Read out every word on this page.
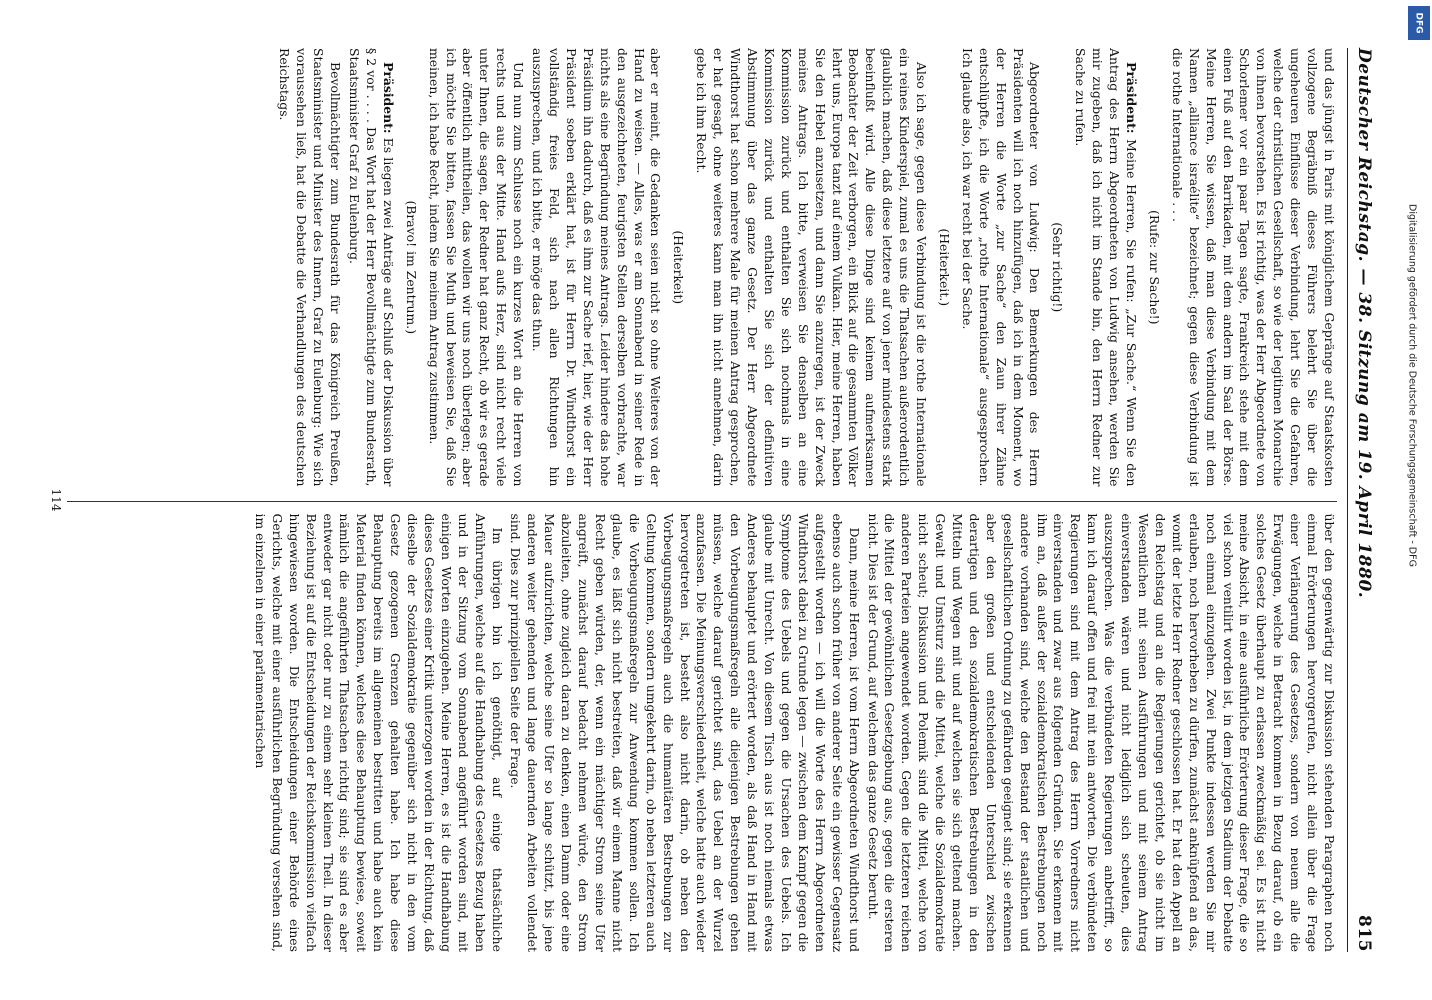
Deutscher Reichstag. — 38. Sitzung am 19. April 1880.
815

und das jüngst in Paris mit königlichem Gepränge auf Staatskosten vollzogene Begräbniß dieses Führers belehrt Sie über die ungeheuren Einflüsse dieser Verbindung, lehrt Sie die Gefahren, welche der christlichen Gesellschaft, so wie der legitimen Monarchie von ihnen bevorstehen. Es ist richtig, was der Herr Abgeordnete von Schorlemer vor ein paar Tagen sagte, Frankreich stehe mit dem einen Fuß auf den Barrikaden, mit dem andern im Saal der Börse. Meine Herren, Sie wissen, daß man diese Verbindung mit dem Namen „alliance israélite“ bezeichnet; gegen diese Verbindung ist die rothe Internationale . . .

(Rufe: zur Sache!)

Präsident: Meine Herren, Sie rufen: „Zur Sache.“ Wenn Sie den Antrag des Herrn Abgeordneten von Ludwig ansehen, werden Sie mir zugeben, daß ich nicht im Stande bin, den Herrn Redner zur Sache zu rufen.

(Sehr richtig!)

Abgeordneter von Ludwig: Den Bemerkungen des Herrn Präsidenten will ich noch hinzufügen, daß ich in dem Moment, wo der Herren die Worte „zur Sache“ den Zaun ihrer Zähne entschlüpfte, ich die Worte „rothe Internationale“ ausgesprochen. Ich glaube also, ich war recht bei der Sache.

(Heiterkeit.)

Also ich sage, gegen diese Verbindung ist die rothe Internationale ein reines Kinderspiel, zumal es uns die Thatsachen außerordentlich glaublich machen, daß diese letztere auf von jener mindestens stark beeinflußt wird. Alle diese Dinge sind keinem aufmerksamen Beobachter der Zeit verborgen, ein Blick auf die gesammten Völker lehrt uns, Europa tanzt auf einem Vulkan. Hier, meine Herren, haben Sie den Hebel anzusetzen, und dann Sie anzuregen, ist der Zweck meines Antrags. Ich bitte, verweisen Sie denselben an eine Kommission zurück und enthalten Sie sich nochmals in eine Kommission zurück und enthalten Sie sich der definitiven Abstimmung über das ganze Gesetz. Der Herr Abgeordnete Windthorst hat schon mehrere Male für meinen Antrag gesprochen, er hat gesagt, ohne weiteres kann man ihn nicht annehmen, darin gebe ich ihm Recht.

(Heiterkeit)

aber er meint, die Gedanken seien nicht so ohne Weiteres von der Hand zu weisen. — Alles, was er am Sonnabend in seiner Rede in den ausgezeichneten, feurigsten Stellen derselben vorbrachte, war nichts als eine Begründung meines Antrags. Leider hindere das hohe Präsidium ihn dadurch, daß es ihm zur Sache rief, hier, wie der Herr Präsident soeben erklärt hat, ist für Herrn Dr. Windthorst ein vollständig freies Feld, sich nach allen Richtungen hin auszusprechen, und ich bitte, er möge das thun.

Und nun zum Schlusse noch ein kurzes Wort an die Herren von rechts und aus der Mitte. Hand aufs Herz, sind nicht recht viele unter Ihnen, die sagen, der Redner hat ganz Recht, ob wir es gerade aber öffentlich mittheilen, das wollen wir uns noch überlegen; aber ich möchte Sie bitten, fassen Sie Muth und beweisen Sie, daß Sie meinen, ich habe Recht, indem Sie meinem Antrag zustimmen.

(Bravo! im Zentrum.)

Präsident: Es liegen zwei Anträge auf Schluß der Diskussion über § 2 vor . . . . Das Wort hat der Herr Bevollmächtigte zum Bundesrath, Staatsminister Graf zu Eulenburg.

Bevollmächtigter zum Bundesrath für das Königreich Preußen, Staatsminister und Minister des Innern, Graf zu Eulenburg: Wie sich voraussehen ließ, hat die Debatte die Verhandlungen des deutschen Reichstags.

über den gegenwärtig zur Diskussion stehenden Paragraphen noch einmal Erörterungen hervorgerufen, nicht allein über die Frage einer Verlängerung des Gesetzes, sondern von neuem alle die Erwägungen, welche in Betracht kommen in Bezug darauf, ob ein solches Gesetz überhaupt zu erlassen zweckmäßig sei. Es ist nicht meine Absicht, in eine ausführliche Erörterung dieser Frage, die so viel schon ventilirt worden ist, in dem jetzigen Stadium der Debatte noch einmal einzugehen. Zwei Punkte indessen werden Sie mir erlauben, noch hervorheben zu dürfen, zunächst anknüpfend an das, womit der letzte Herr Redner geschlossen hat. Er hat den Appell an den Reichstag und an die Regierungen gerichtet, ob sie nicht im Wesentlichen mit seinen Ausführungen und mit seinem Antrag einverstanden wären und nicht lediglich sich scheuten, dies auszusprechen. Was die verbündeten Regierungen anbetrifft, so kann ich darauf offen und frei mit nein antworten. Die verbündeten Regierungen sind mit dem Antrag des Herrn Vorredners nicht einverstanden und zwar aus folgenden Gründen. Sie erkennen mit ihm an, daß außer der sozialdemokratischen Bestrebungen noch andere vorhanden sind, welche den Bestand der staatlichen und gesellschaftlichen Ordnung zu gefährden geeignet sind; sie erkennen aber den großen und entscheidenden Unterschied zwischen derartigen und den sozialdemokratischen Bestrebungen in den Mitteln und Wegen mit und auf welchen sie sich geltend machen. Gewalt und Umsturz sind die Mittel, welche die Sozialdemokratie nicht scheut; Diskussion und Polemik sind die Mittel, welche von anderen Parteien angewendet worden. Gegen die letzteren reichen die Mittel der gewöhnlichen Gesetzgebung aus, gegen die ersteren nicht. Dies ist der Grund, auf welchem das ganze Gesetz beruht.

Dann, meine Herren, ist vom Herrn Abgeordneten Windthorst und ebenso auch schon früher von anderer Seite ein gewisser Gegensatz aufgestellt worden — ich will die Worte des Herrn Abgeordneten Windthorst dabei zu Grunde legen — zwischen dem Kampf gegen die Symptome des Uebels und gegen die Ursachen des Uebels. Ich glaube mit Unrecht. Von diesem Tisch aus ist noch niemals etwas Anderes behauptet und erörtert worden, als daß Hand in Hand mit den Vorbeugungsmaßregeln alle diejenigen Bestrebungen gehen müssen, welche darauf gerichtet sind, das Uebel an der Wurzel anzufassen. Die Meinungsverschiedenheit, welche hatte auch wieder hervorgetreten ist, besteht also nicht darin, ob neben den Vorbeugungsmaßregeln auch die humanitären Bestrebungen zur Geltung kommen, sondern umgekehrt darin, ob neben letzteren auch die Vorbeugungsmaßregeln zur Anwendung kommen sollen. Ich glaube, es läßt sich nicht bestreiten, daß wir einem Manne nicht Recht geben würden, der, wenn ein mächtiger Strom seine Ufer angreift, zunächst darauf bedacht nehmen würde, den Strom abzuleiten, ohne zugleich daran zu denken, einen Damm oder eine Mauer aufzurichten, welche seine Ufer so lange schützt, bis jene anderen weiter gehenden und lange dauernden Arbeiten vollendet sind. Dies zur prinzipiellen Seite der Frage.

Im übrigen bin ich genöthigt, auf einige thatsächliche Anführungen, welche auf die Handhabung des Gesetzes Bezug haben und in der Sitzung vom Sonnabend angeführt worden sind, mit einigen Worten einzugehen. Meine Herren, es ist die Handhabung dieses Gesetzes einer Kritik unterzogen worden in der Richtung, daß dieselbe der Sozialdemokratie gegenüber sich nicht in den vom Gesetz gezogenen Grenzen gehalten habe. Ich habe diese Behauptung bereits im allgemeinen bestritten und habe auch kein Material finden können, welches diese Behauptung bewiese, soweit nämlich die angeführten Thatsachen richtig sind; sie sind es aber entweder gar nicht oder nur zu einem sehr kleinen Theil. In dieser Beziehung ist auf die Entscheidungen der Reichskommission vielfach hingewiesen worden. Die Entscheidungen einer Behörde eines Gerichts, welche mit einer ausführlichen Begründung versehen sind, im einzelnen in einer parlamentarischen

114
DFG
Digitalisierung gefördert durch die Deutsche Forschungsgemeinschaft - DFG
